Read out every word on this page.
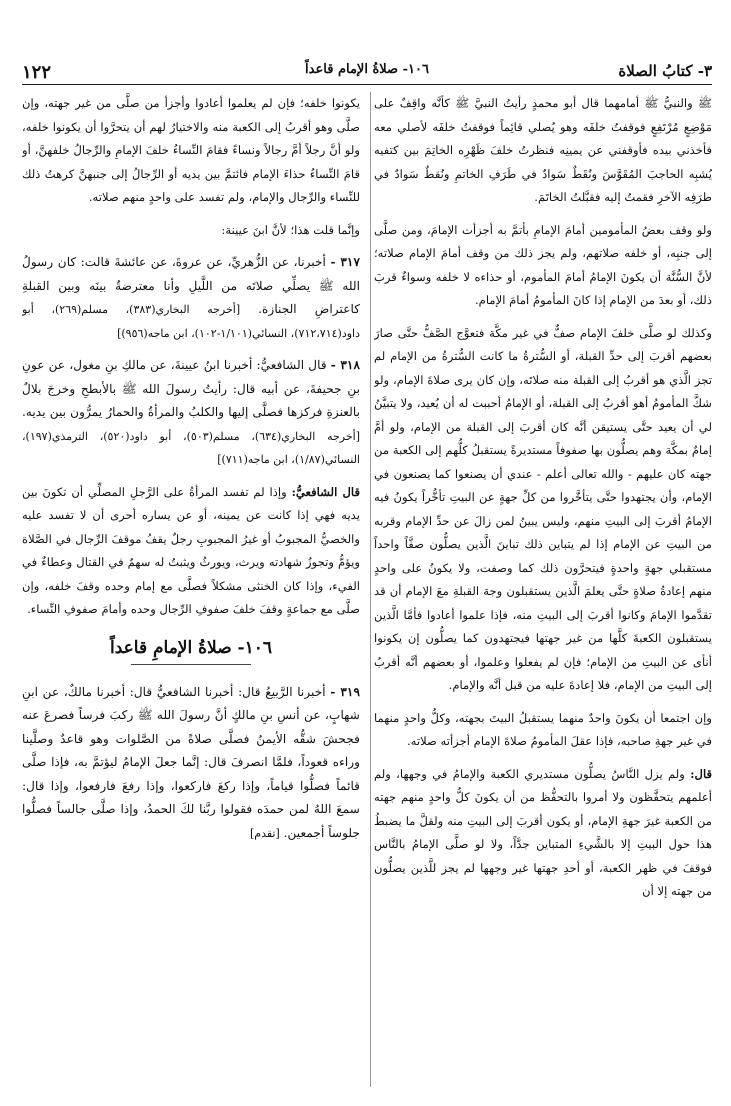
٣- كتابُ الصلاة
١٠٦- صلاةُ الإمام قاعداً
١٢٢

ﷺ والنبيُّ ﷺ أمامهما قال أبو محمدٍ رأيتُ النبيَّ ﷺ كأنَّه واقِفٌ على مَوْضِعٍ مُرْتَفِعٍ فوقفتُ خلفَه وهو يُصلي قائِماً فوقفتُ خلفَه لأصلي معه فأخذني بيده فأوقفني عن يمينِه فنظرتُ خلفَ ظَهْرِه الخاتِمَ بين كتفيه يُشبِه الحاجبَ المُقَوَّسَ ونُقَطٌ سَوادٌ في طَرَفِ الخاتمِ ونُقطٌ سَوادٌ في طرَفِه الآخرِ فقمتُ إليه فقبَّلتُ الخاتَمَ.

ولو وقف بعضُ المأمومين أمامَ الإمامِ بأتمَّ به أجزأت الإمامَ، ومن صلَّى إلى جنبِه، أو خلفه صلاتهم، ولم يجز ذلك من وقف أمامَ الإمام صلاته؛ لأنَّ السُّنَّة أن يكونَ الإمامُ أمامَ المأموم، أو حذاءه لا خلفه وسواءٌ قربَ ذلك، أو بعدَ من الإمام إذا كانَ المأمومُ أمامَ الإمام.

وكذلك لو صلَّى خلفَ الإمام صفٌّ في غير مكَّة فتعوَّج الصَّفُّ حتَّى صارَ بعضهم أقربَ إلى حدِّ القبلة، أو السُّترةُ ما كانت السُّترةُ من الإمام لم تجز الَّذي هو أقربُ إلى القبلة منه صلاتَه، وإن كان يرى صلاةَ الإمام، ولو شكَّ المأمومُ أهو أقربُ إلى القبلة، أو الإمامُ أحببت له أن يُعيد، ولا يتبيَّنُ لي أن يعيد حتَّى يستيقن أنَّه كان أقربَ إلى القبلة من الإمام، ولو أمَّ إمامٌ بمكَّة وهم يصلُّون بها صفوفاً مستديرةً يستقبلُ كلُّهم إلى الكعبة من جهته كان عليهم - والله تعالى أعلم - عندي أن يصنعوا كما يصنعون في الإمام، وأن يجتهدوا حتَّى يتأخَّروا من كلِّ جهةٍ عن البيتِ تأخُّراً يكونُ فيه الإمامُ أقربَ إلى البيتِ منهم، وليس يبينُ لمن زالَ عن حدِّ الإمام وقربه من البيتِ عن الإمام إذا لم يتباين ذلك تباينَ الَّذين يصلُّون صفَّاً واحداً مستقبلي جهةٍ واحدةٍ فيتحرَّون ذلك كما وصفت، ولا يكونُ على واحدٍ منهم إعادةُ صلاةٍ حتَّى يعلمَ الَّذين يستقبلون وجهَ القبلةِ معَ الإمام أن قد تقدَّموا الإمامَ وكانوا أقربَ إلى البيتِ منه، فإذا علموا أعادوا فأمَّا الَّذين يستقبلون الكعبةَ كلَّها من غير جهتها فيجتهدون كما يصلُّون إن يكونوا أنأى عن البيتِ من الإمام؛ فإن لم يفعلوا وعلموا، أو بعضهم أنَّه أقربُ إلى البيتِ من الإمام، فلا إعادةَ عليه من قبل أنَّه والإمام.

وإن اجتمعا أن يكونَ واحدٌ منهما يستقبلُ البيتَ بجهته، وكلُّ واحدٍ منهما في غير جهةِ صاحبه، فإذا عقلَ المأمومُ صلاةَ الإمام أجزأته صلاته.

قال: ولم يزل النَّاسُ يصلُّون مستديري الكعبة والإمامُ في وجهها، ولم أعلمهم يتحفَّظون ولا أمروا بالتحفُّظ من أن يكونَ كلُّ واحدٍ منهم جهته من الكعبة غيرَ جهةِ الإمام، أو يكون أقربَ إلى البيتِ منه ولقلَّ ما يضبطُ هذا حول البيتِ إلا بالشَّيءِ المتباين جدَّاً، ولا لو صلَّى الإمامُ بالنَّاس فوقفَ في ظهر الكعبة، أو أحدِ جهتها غير وجهها لم يجز للَّذين يصلُّون من جهته إلا أن

يكونوا خلفه؛ فإن لم يعلموا أعادوا وأجزأ من صلَّى من غير جهته، وإن صلَّى وهو أقربُ إلى الكعبة منه والاختيارُ لهم أن يتحرَّوا أن يكونوا خلفه، ولو أنَّ رجلاً أمَّ رجالاً ونساءً فقامَ النِّساءُ خلفَ الإمامِ والرِّجالُ خلفهنَّ، أو قامَ النِّساءُ حذاءَ الإمام فائتمَّ بين يديه أو الرِّجالُ إلى جنبهنَّ كرهتُ ذلك للنِّساء والرِّجال والإمام، ولم تفسد على واحدٍ منهم صلاته.

وإنَّما قلت هذا؛ لأنَّ ابنَ عيينة:

٣١٧ - أخبرنا، عن الزُّهريِّ، عن عروةَ، عن عائشةَ قالت: كان رسولُ الله ﷺ يصلِّي صلاتَه من اللَّيلِ وأنا معترضةٌ بينَه وبين القبلةِ كاعتراضِ الجنازة. [أخرجه البخاري(٣٨٣)، مسلم(٢٦٩)، أبو داود(٧١٢،٧١٤)، النسائي(١/١٠١-١٠٢)، ابن ماجه(٩٥٦)]

٣١٨ - قال الشافعيُّ: أخبرنا ابنُ عيينةَ، عن مالكِ بنِ مغول، عن عونِ بنِ جحيفةَ، عن أبيه قال: رأيتُ رسولَ الله ﷺ بالأبطحِ وخرجَ بلالٌ بالعنزةِ فركزها فصلَّى إليها والكلبُ والمرأةُ والحمارُ يمرُّون بين يديه. [أخرجه البخاري(٦٣٤)، مسلم(٥٠٣)، أبو داود(٥٢٠)، الترمذي(١٩٧)، النسائي(١/٨٧)، ابن ماجه(٧١١)]

قال الشافعيُّ: وإذا لم تفسد المرأةُ على الرَّجلِ المصلِّي أن تكونَ بين يديه فهي إذا كانت عن يمينه، أو عن يساره أحرى أن لا تفسد عليه والخصيُّ المجبوبُ أو غيرُ المجبوبِ رجلٌ يقفُ موقفَ الرِّجال في الصَّلاة ويؤمُّ وتجوزُ شهادته ويرث، ويورثُ ويثبتُ له سهمٌ في القتال وعطاءٌ في الفيء، وإذا كان الخنثى مشكلاً فصلَّى مع إمام وحده وقفَ خلفه، وإن صلَّى مع جماعةٍ وقفَ خلفَ صفوفِ الرِّجال وحده وأمامَ صفوفِ النِّساء.

١٠٦- صلاةُ الإمامِ قاعداً

٣١٩ - أخبرنا الرَّبيعُ قال: أخبرنا الشافعيُّ قال: أخبرنا مالكٌ، عن ابنِ شهابٍ، عن أنسِ بنِ مالكٍ أنَّ رسولَ الله ﷺ ركبَ فرساً فصرعَ عنه فجحشَ شقُّه الأيمنُ فصلَّى صلاةً من الصَّلوات وهو قاعدٌ وصلَّينا وراءه قعوداً، فلمَّا انصرفَ قال: إنَّما جعلَ الإمامُ ليؤتمَّ به، فإذا صلَّى قائماً فصلُّوا قياماً، وإذا ركعَ فاركعوا، وإذا رفعَ فارفعوا، وإذا قال: سمعَ اللهُ لمن حمدَه فقولوا ربَّنا لكَ الحمدُ، وإذا صلَّى جالساً فصلُّوا جلوساً أجمعين. [تقدم]
